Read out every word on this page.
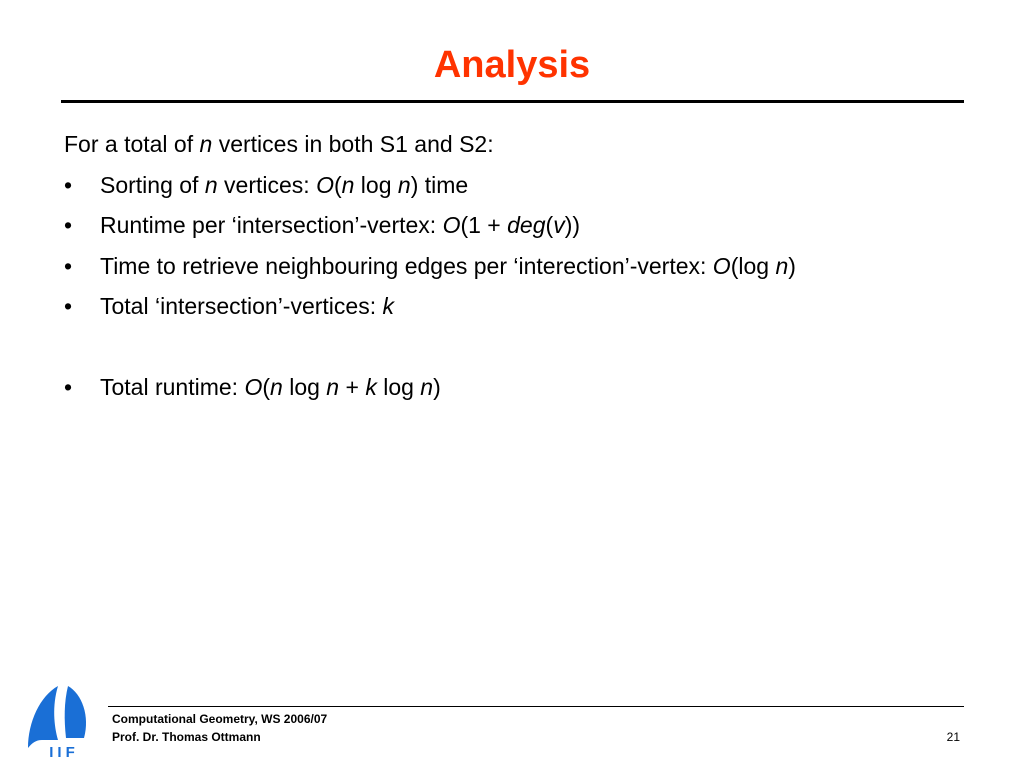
Analysis
For a total of n vertices in both S1 and S2:
• Sorting of n vertices: O(n log n) time
• Runtime per ‘intersection’-vertex: O(1 + deg(v))
• Time to retrieve neighbouring edges per ‘interection’-vertex: O(log n)
• Total ‘intersection’-vertices: k
• Total runtime: O(n log n + k log n)
IIF
Computational Geometry, WS 2006/07
Prof. Dr. Thomas Ottmann	21
